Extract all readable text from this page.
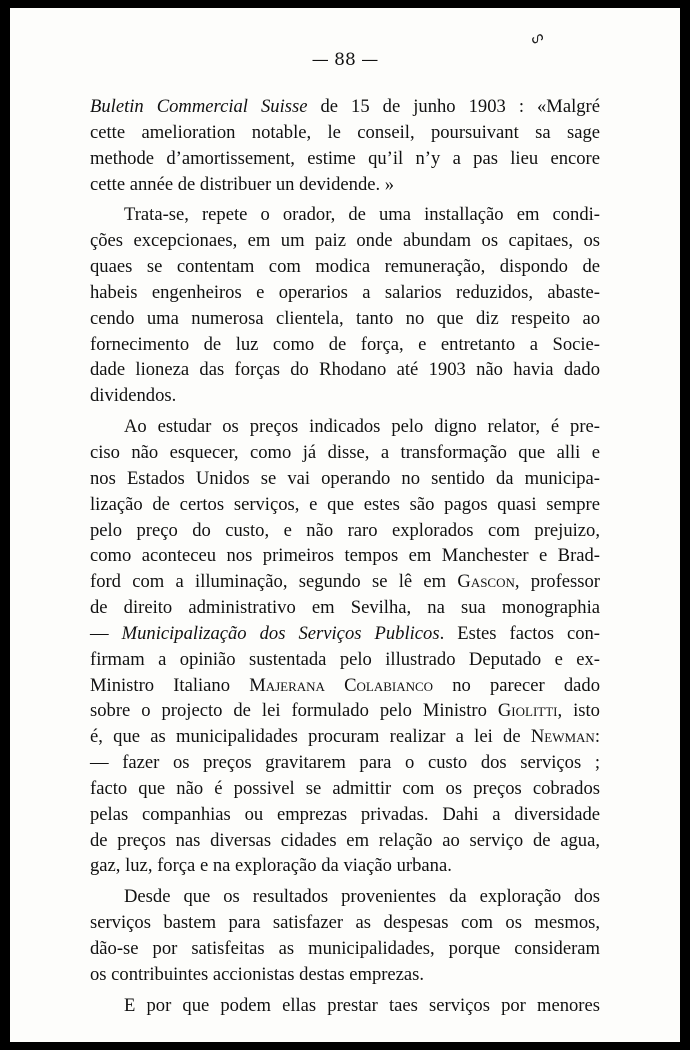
ᔕ
— 88 —
Buletin Commercial Suisse de 15 de junho 1903 : «Malgré
cette amelioration notable, le conseil, poursuivant sa sage
methode d’amortissement, estime qu’il n’y a pas lieu encore
cette année de distribuer un devidende. »
Trata-se, repete o orador, de uma installação em condi-
ções excepcionaes, em um paiz onde abundam os capitaes, os
quaes se contentam com modica remuneração, dispondo de
habeis engenheiros e operarios a salarios reduzidos, abaste-
cendo uma numerosa clientela, tanto no que diz respeito ao
fornecimento de luz como de força, e entretanto a Socie-
dade lioneza das forças do Rhodano até 1903 não havia dado
dividendos.
Ao estudar os preços indicados pelo digno relator, é pre-
ciso não esquecer, como já disse, a transformação que alli e
nos Estados Unidos se vai operando no sentido da municipa-
lização de certos serviços, e que estes são pagos quasi sempre
pelo preço do custo, e não raro explorados com prejuizo,
como aconteceu nos primeiros tempos em Manchester e Brad-
ford com a illuminação, segundo se lê em Gascon, professor
de direito administrativo em Sevilha, na sua monographia
— Municipalização dos Serviços Publicos. Estes factos con-
firmam a opinião sustentada pelo illustrado Deputado e ex-
Ministro Italiano Majerana Colabianco no parecer dado
sobre o projecto de lei formulado pelo Ministro Giolitti, isto
é, que as municipalidades procuram realizar a lei de Newman:
— fazer os preços gravitarem para o custo dos serviços ;
facto que não é possivel se admittir com os preços cobrados
pelas companhias ou emprezas privadas. Dahi a diversidade
de preços nas diversas cidades em relação ao serviço de agua,
gaz, luz, força e na exploração da viação urbana.
Desde que os resultados provenientes da exploração dos
serviços bastem para satisfazer as despesas com os mesmos,
dão-se por satisfeitas as municipalidades, porque consideram
os contribuintes accionistas destas emprezas.
E por que podem ellas prestar taes serviços por menores
